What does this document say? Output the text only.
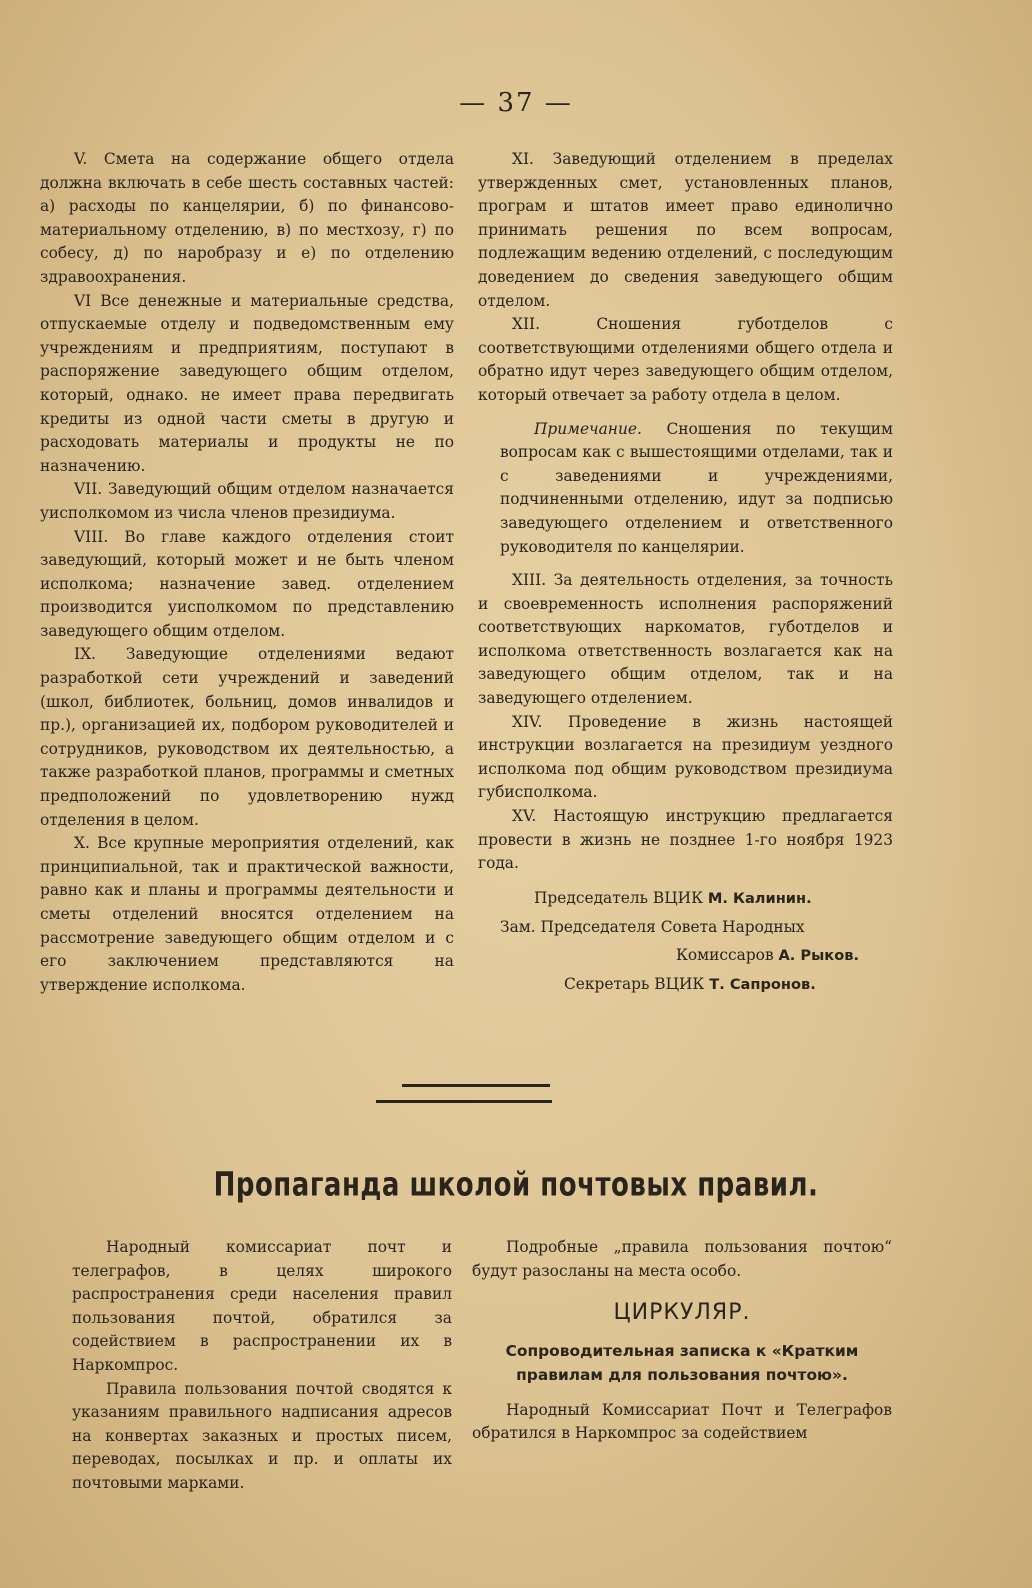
— 37 —

V. Смета на содержание общего отдела должна включать в себе шесть составных частей: а) расходы по канцелярии, б) по финансово-материальному отделению, в) по местхозу, г) по собесу, д) по наробразу и е) по отделению здравоохранения.

VI Все денежные и материальные средства, отпускаемые отделу и подведомственным ему учреждениям и предприятиям, поступают в распоряжение заведующего общим отделом, который, однако. не имеет права передвигать кредиты из одной части сметы в другую и расходовать материалы и продукты не по назначению.

VII. Заведующий общим отделом назначается уисполкомом из числа членов президиума.

VIII. Во главе каждого отделения стоит заведующий, который может и не быть членом исполкома; назначение завед. отделением производится уисполкомом по представлению заведующего общим отделом.

IX. Заведующие отделениями ведают разработкой сети учреждений и заведений (школ, библиотек, больниц, домов инвалидов и пр.), организацией их, подбором руководителей и сотрудников, руководством их деятельностью, а также разработкой планов, программы и сметных предположений по удовлетворению нужд отделения в целом.

X. Все крупные мероприятия отделений, как принципиальной, так и практической важности, равно как и планы и программы деятельности и сметы отделений вносятся отделением на рассмотрение заведующего общим отделом и с его заключением представляются на утверждение исполкома.

XI. Заведующий отделением в пределах утвержденных смет, установленных планов, програм и штатов имеет право единолично принимать решения по всем вопросам, подлежащим ведению отделений, с последующим доведением до сведения заведующего общим отделом.

XII. Сношения губотделов с соответствующими отделениями общего отдела и обратно идут через заведующего общим отделом, который отвечает за работу отдела в целом.

Примечание. Сношения по текущим вопросам как с вышестоящими отделами, так и с заведениями и учреждениями, подчиненными отделению, идут за подписью заведующего отделением и ответственного руководителя по канцелярии.

XIII. За деятельность отделения, за точность и своевременность исполнения распоряжений соответствующих наркоматов, губотделов и исполкома ответственность возлагается как на заведующего общим отделом, так и на заведующего отделением.

XIV. Проведение в жизнь настоящей инструкции возлагается на президиум уездного исполкома под общим руководством президиума губисполкома.

XV. Настоящую инструкцию предлагается провести в жизнь не позднее 1-го ноября 1923 года.

Председатель ВЦИК М. Калинин.
Зам. Председателя Совета Народных
Комиссаров А. Рыков.
Секретарь ВЦИК Т. Сапронов.
Пропаганда школой почтовых правил.

Народный комиссариат почт и телеграфов, в целях широкого распространения среди населения правил пользования почтой, обратился за содействием в распространении их в Наркомпрос.

Правила пользования почтой сводятся к указаниям правильного надписания адресов на конвертах заказных и простых писем, переводах, посылках и пр. и оплаты их почтовыми марками.

Подробные „правила пользования почтою“ будут разосланы на места особо.

ЦИРКУЛЯР.
Сопроводительная записка к «Кратким правилам для пользования почтою».

Народный Комиссариат Почт и Телеграфов обратился в Наркомпрос за содействием
